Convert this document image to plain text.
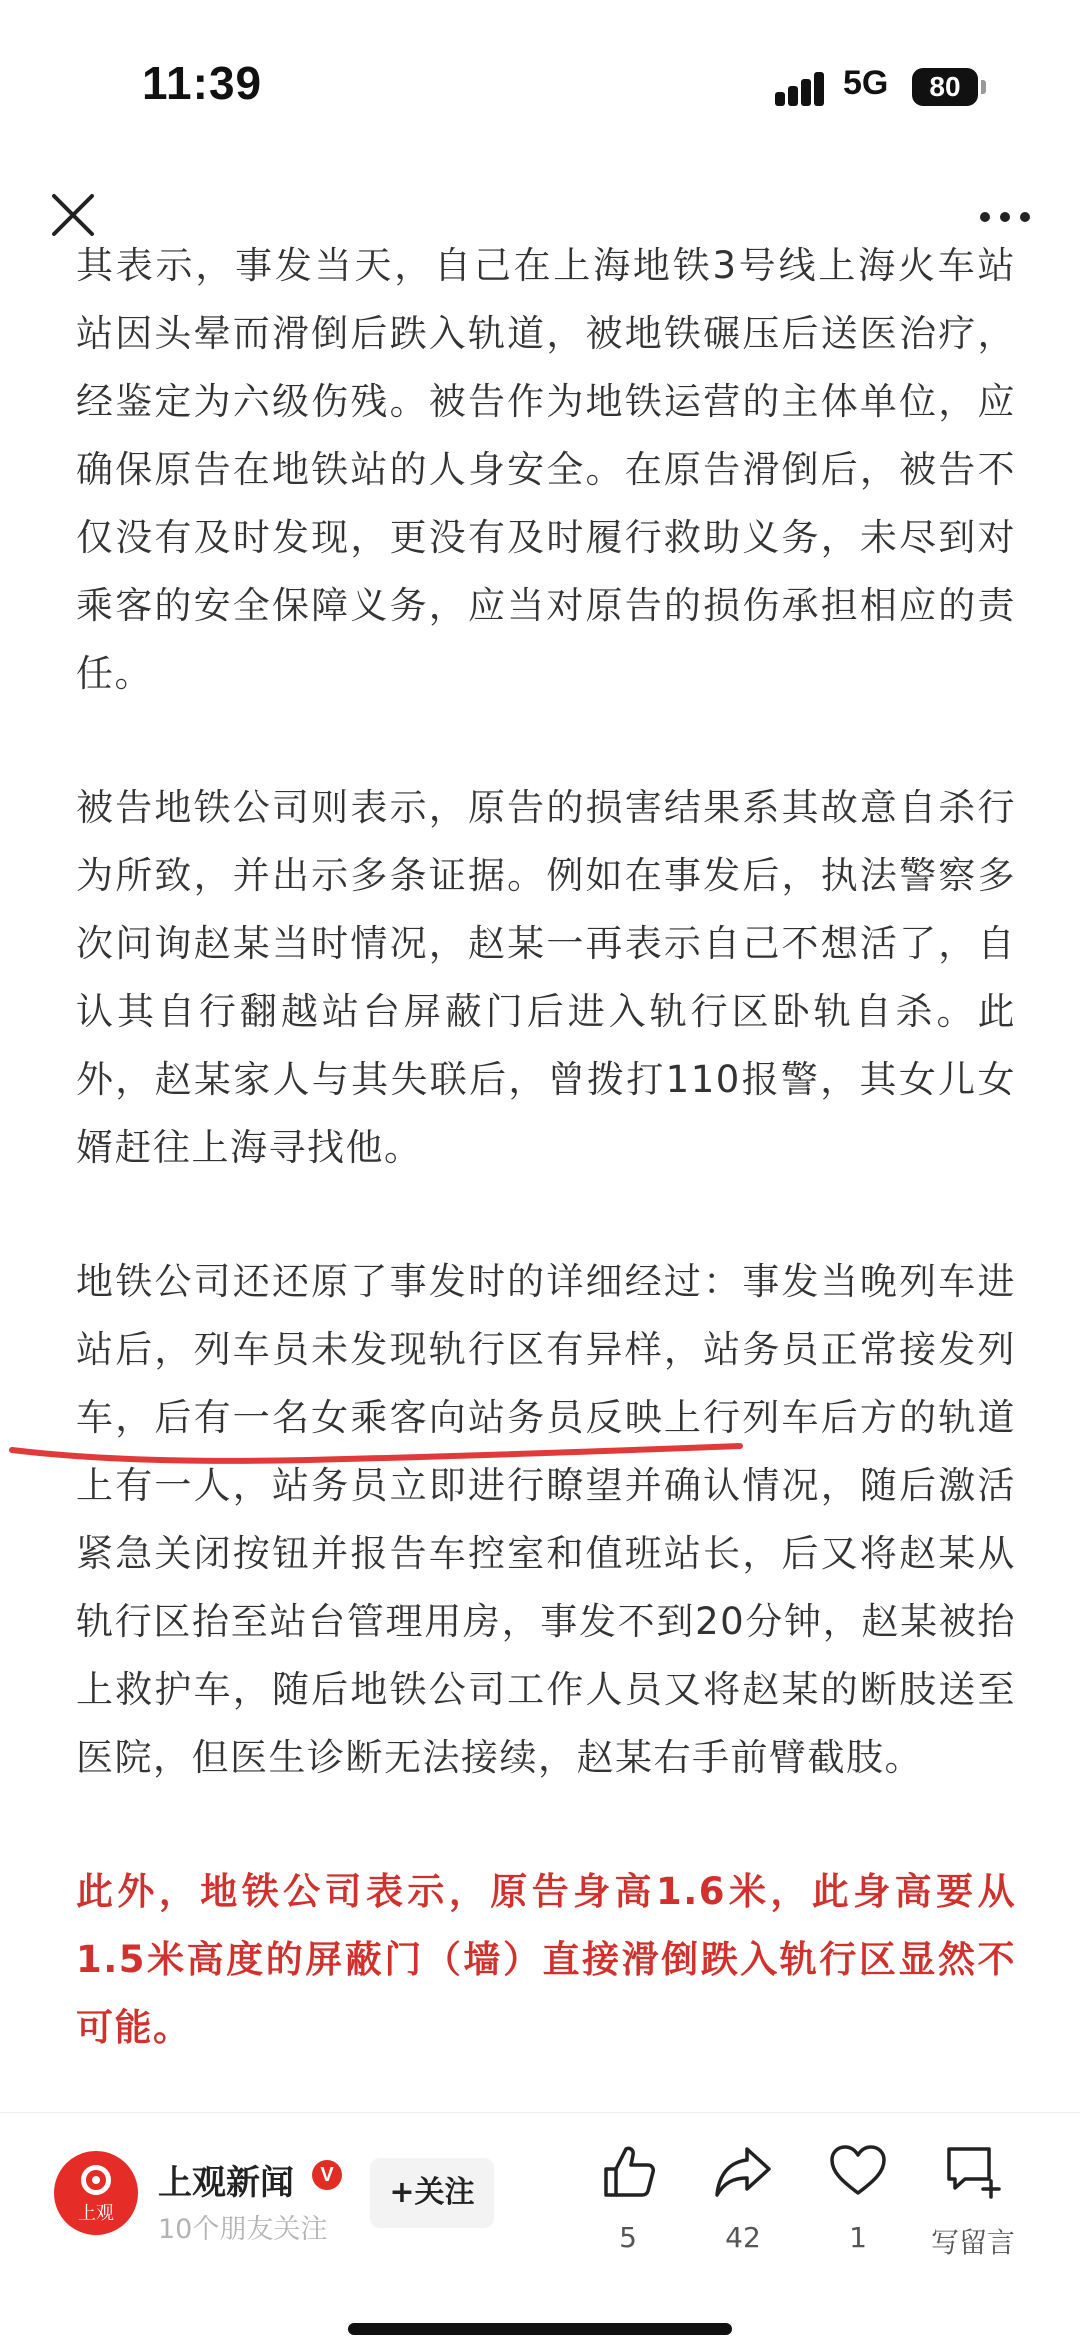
11:39	5G	80

其表示，事发当天，自己在上海地铁3号线上海火车站站因头晕而滑倒后跌入轨道，被地铁碾压后送医治疗，经鉴定为六级伤残。被告作为地铁运营的主体单位，应确保原告在地铁站的人身安全。在原告滑倒后，被告不仅没有及时发现，更没有及时履行救助义务，未尽到对乘客的安全保障义务，应当对原告的损伤承担相应的责任。

被告地铁公司则表示，原告的损害结果系其故意自杀行为所致，并出示多条证据。例如在事发后，执法警察多次问询赵某当时情况，赵某一再表示自己不想活了，自认其自行翻越站台屏蔽门后进入轨行区卧轨自杀。此外，赵某家人与其失联后，曾拨打110报警，其女儿女婿赶往上海寻找他。

地铁公司还还原了事发时的详细经过：事发当晚列车进站后，列车员未发现轨行区有异样，站务员正常接发列车，后有一名女乘客向站务员反映上行列车后方的轨道上有一人，站务员立即进行瞭望并确认情况，随后激活紧急关闭按钮并报告车控室和值班站长，后又将赵某从轨行区抬至站台管理用房，事发不到20分钟，赵某被抬上救护车，随后地铁公司工作人员又将赵某的断肢送至医院，但医生诊断无法接续，赵某右手前臂截肢。

此外，地铁公司表示，原告身高1.6米，此身高要从1.5米高度的屏蔽门（墙）直接滑倒跌入轨行区显然不可能。

上观
上观新闻	V
10个朋友关注
+关注
5	42	1	写留言
